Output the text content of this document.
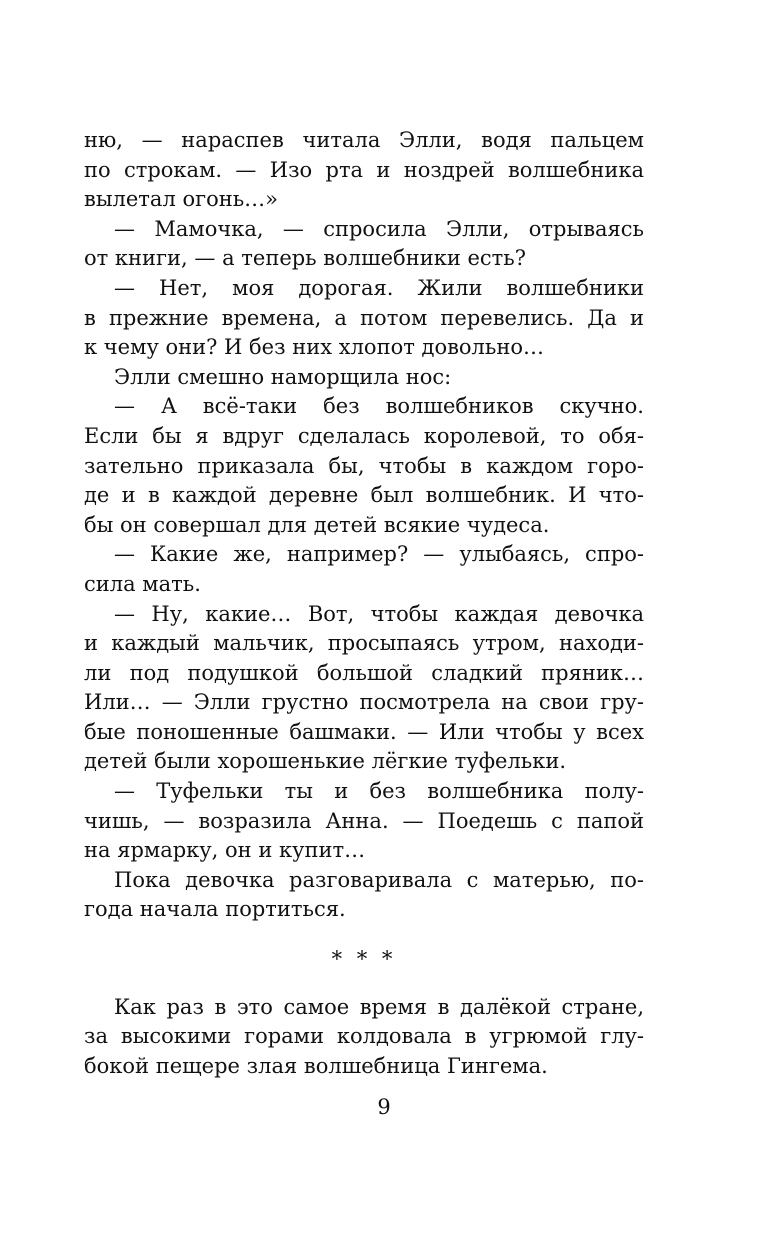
ню, — нараспев читала Элли, водя пальцем
по строкам. — Изо рта и ноздрей волшебника
вылетал огонь…»
— Мамочка, — спросила Элли, отрываясь
от книги, — а теперь волшебники есть?
— Нет, моя дорогая. Жили волшебники
в прежние времена, а потом перевелись. Да и
к чему они? И без них хлопот довольно…
Элли смешно наморщила нос:
— А всё-таки без волшебников скучно.
Если бы я вдруг сделалась королевой, то обя-
зательно приказала бы, чтобы в каждом горо-
де и в каждой деревне был волшебник. И что-
бы он совершал для детей всякие чудеса.
— Какие же, например? — улыбаясь, спро-
сила мать.
— Ну, какие… Вот, чтобы каждая девочка
и каждый мальчик, просыпаясь утром, находи-
ли под подушкой большой сладкий пряник…
Или… — Элли грустно посмотрела на свои гру-
бые поношенные башмаки. — Или чтобы у всех
детей были хорошенькие лёгкие туфельки.
— Туфельки ты и без волшебника полу-
чишь, — возразила Анна. — Поедешь с папой
на ярмарку, он и купит…
Пока девочка разговаривала с матерью, по-
года начала портиться.
* * *
Как раз в это самое время в далёкой стране,
за высокими горами колдовала в угрюмой глу-
бокой пещере злая волшебница Гингема.
9
